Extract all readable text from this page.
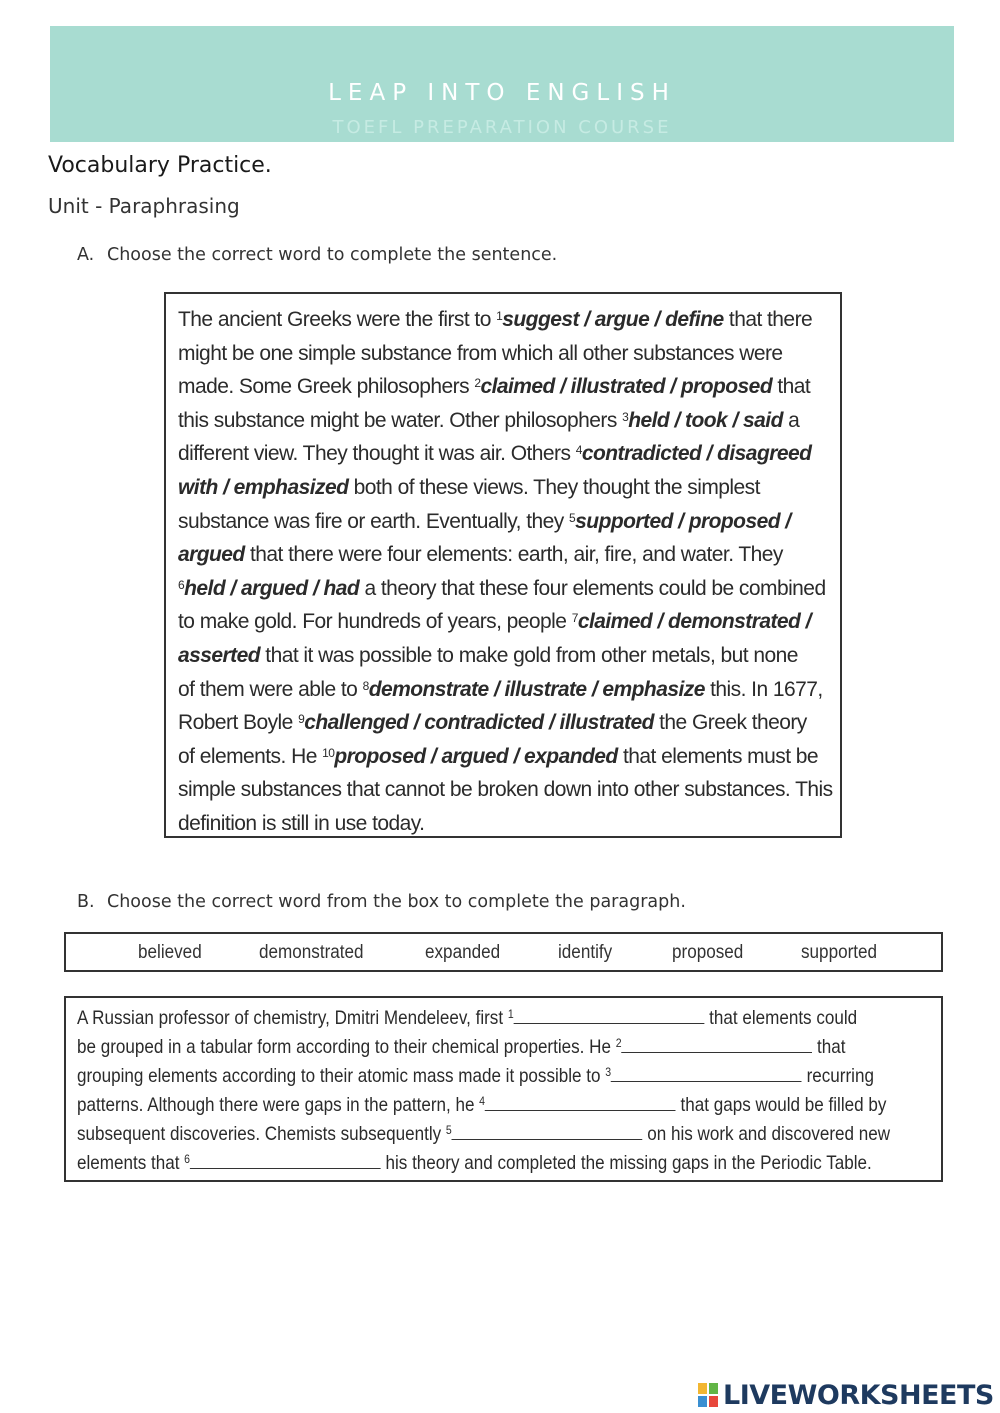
LEAP INTO ENGLISH
TOEFL PREPARATION COURSE
Vocabulary Practice.
Unit - Paraphrasing
A. Choose the correct word to complete the sentence.

The ancient Greeks were the first to $^1$suggest / argue / define that there

might be one simple substance from which all other substances were

made. Some Greek philosophers $^2$claimed / illustrated / proposed that

this substance might be water. Other philosophers $^3$held / took / said a

different view. They thought it was air. Others $^4$contradicted / disagreed

with / emphasized both of these views. They thought the simplest

substance was fire or earth. Eventually, they $^5$supported / proposed /

argued that there were four elements: earth, air, fire, and water. They

$^6$held / argued / had a theory that these four elements could be combined

to make gold. For hundreds of years, people $^7$claimed / demonstrated /

asserted that it was possible to make gold from other metals, but none

of them were able to $^8$demonstrate / illustrate / emphasize this. In 1677,

Robert Boyle $^9$challenged / contradicted / illustrated the Greek theory

of elements. He $^{10}$proposed / argued / expanded that elements must be

simple substances that cannot be broken down into other substances. This

definition is still in use today.

B. Choose the correct word from the box to complete the paragraph.
believed	demonstrated	expanded	identify	proposed	supported

A Russian professor of chemistry, Dmitri Mendeleev, first $^1$	that elements could

be grouped in a tabular form according to their chemical properties. He $^2$	that

grouping elements according to their atomic mass made it possible to $^3$	recurring

patterns. Although there were gaps in the pattern, he $^4$	that gaps would be filled by

subsequent discoveries. Chemists subsequently $^5$	on his work and discovered new

elements that $^6$	his theory and completed the missing gaps in the Periodic Table.

LIVEWORKSHEETS
